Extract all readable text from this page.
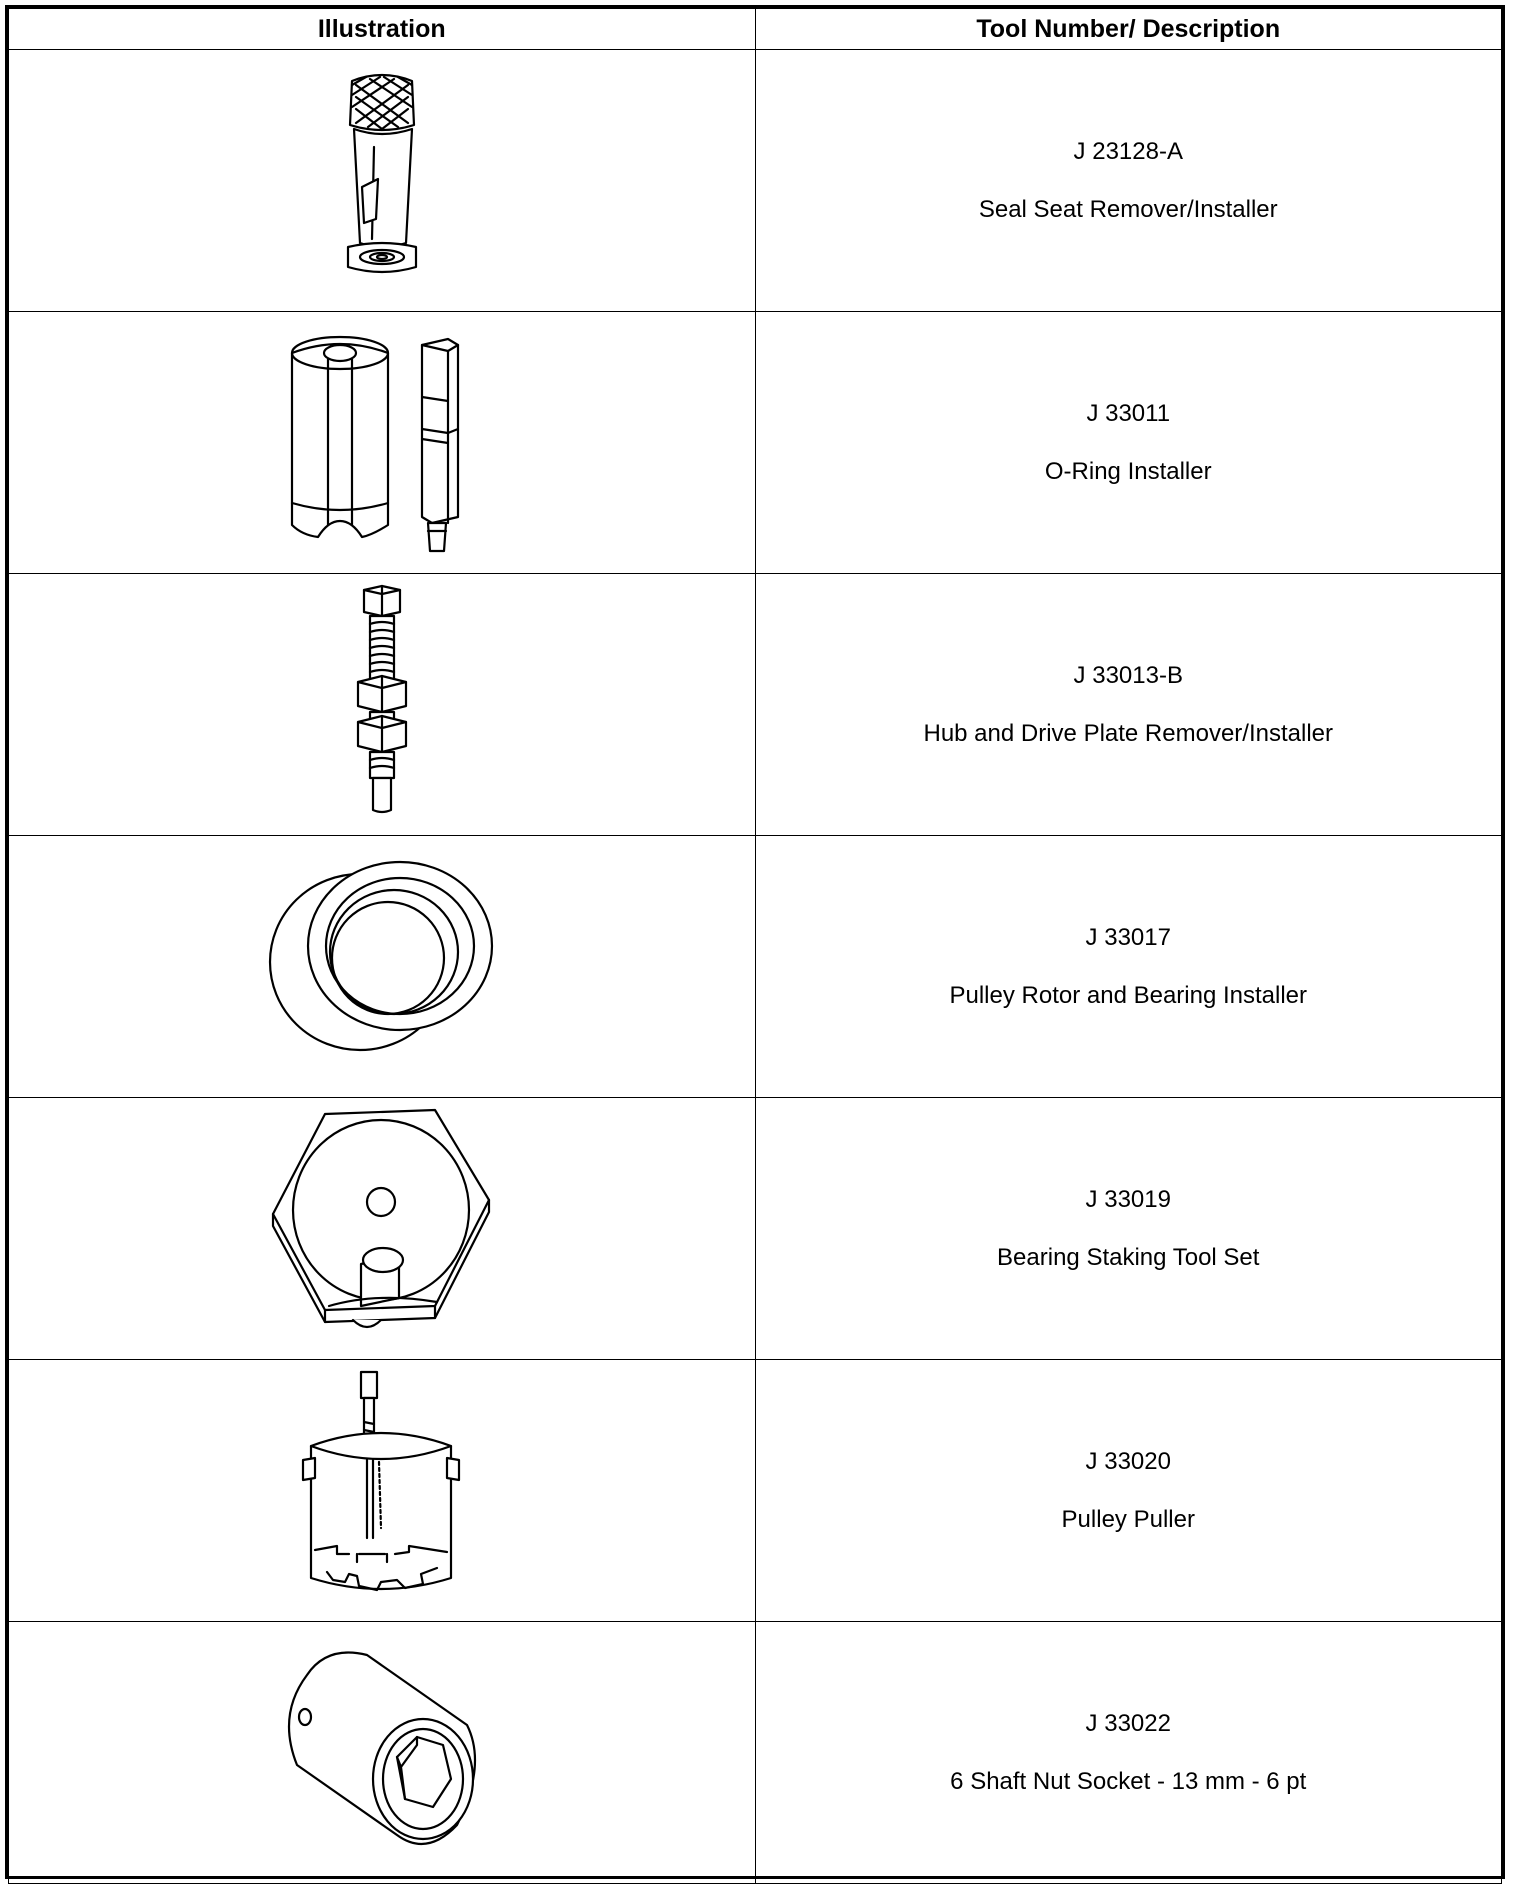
Illustration	Tool Number/ Description

J 23128-A
Seal Seat Remover/Installer

J 33011
O-Ring Installer

J 33013-B
Hub and Drive Plate Remover/Installer

J 33017
Pulley Rotor and Bearing Installer

J 33019
Bearing Staking Tool Set

J 33020
Pulley Puller

J 33022
6 Shaft Nut Socket - 13 mm - 6 pt
